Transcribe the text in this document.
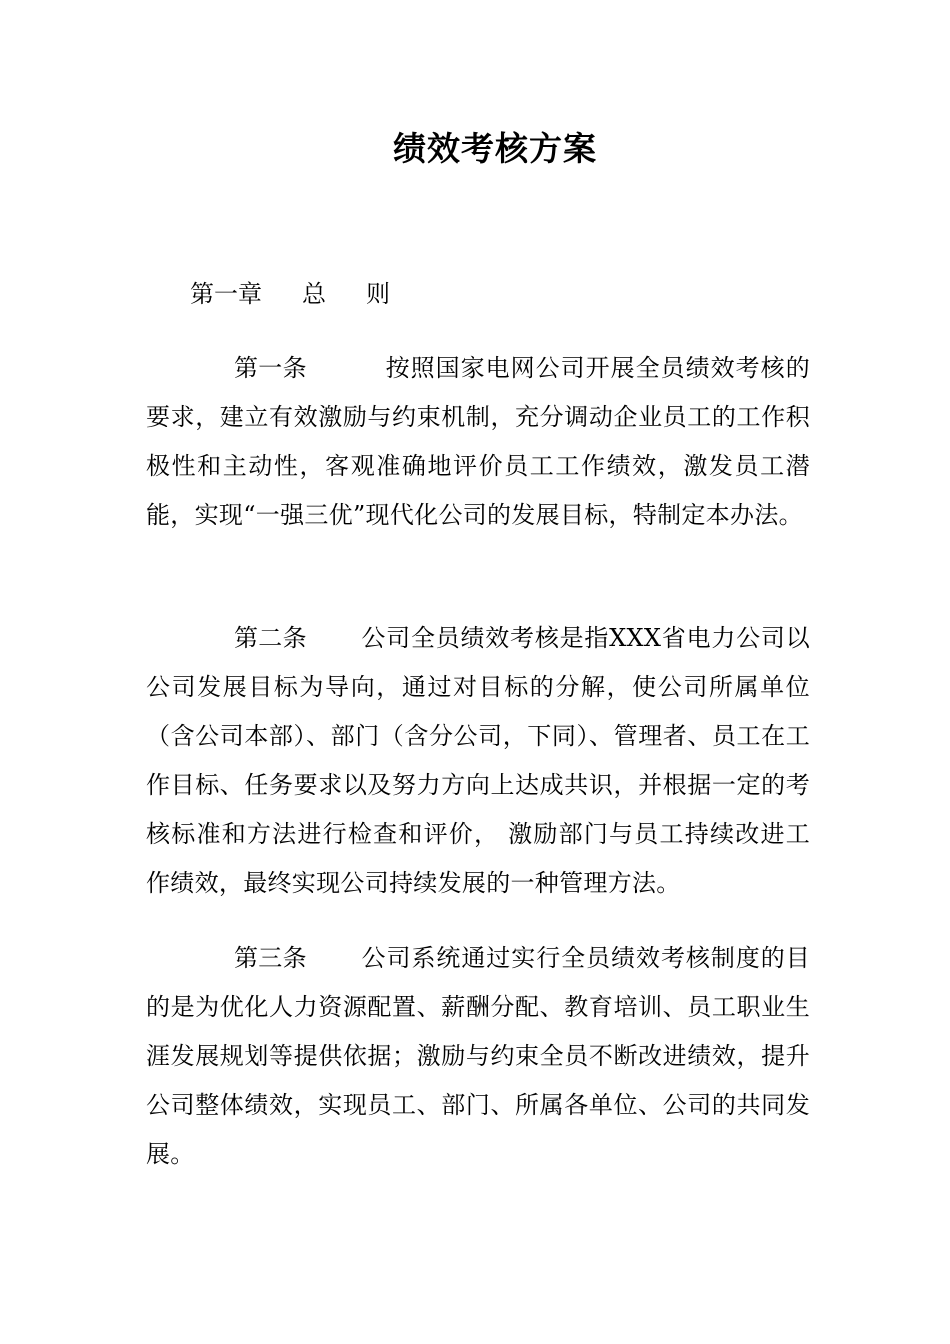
绩效考核方案
第一章 总 则

第一条	按照国家电网公司开展全员绩效考核的要求，建立有效激励与约束机制，充分调动企业员工的工作积极性和主动性，客观准确地评价员工工作绩效，激发员工潜能，实现“一强三优”现代化公司的发展目标，特制定本办法。

第二条 公司全员绩效考核是指XXX省电力公司以公司发展目标为导向，通过对目标的分解，使公司所属单位（含公司本部）、部门（含分公司，下同）、管理者、员工在工作目标、任务要求以及努力方向上达成共识，并根据一定的考核标准和方法进行检查和评价， 激励部门与员工持续改进工作绩效，最终实现公司持续发展的一种管理方法。

第三条 公司系统通过实行全员绩效考核制度的目的是为优化人力资源配置、薪酬分配、教育培训、员工职业生涯发展规划等提供依据；激励与约束全员不断改进绩效，提升公司整体绩效，实现员工、部门、所属各单位、公司的共同发展。
